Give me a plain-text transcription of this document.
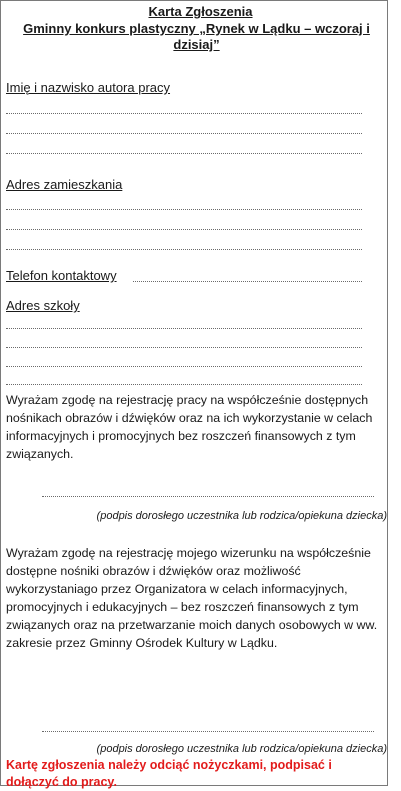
Karta Zgłoszenia
Gminny konkurs plastyczny „Rynek w Lądku – wczoraj i dzisiaj”
Imię i nazwisko autora pracy
Adres zamieszkania
Telefon kontaktowy
Adres szkoły
Wyrażam zgodę na rejestrację pracy na współcześnie dostępnych nośnikach obrazów i dźwięków oraz na ich wykorzystanie w celach informacyjnych i promocyjnych bez roszczeń finansowych z tym związanych.
(podpis dorosłego uczestnika lub rodzica/opiekuna dziecka)
Wyrażam zgodę na rejestrację mojego wizerunku na współcześnie dostępne nośniki obrazów i dźwięków oraz możliwość wykorzystaniago przez Organizatora w celach informacyjnych, promocyjnych i edukacyjnych – bez roszczeń finansowych z tym związanych oraz na przetwarzanie moich danych osobowych w ww. zakresie przez Gminny Ośrodek Kultury w Lądku.
(podpis dorosłego uczestnika lub rodzica/opiekuna dziecka)
Kartę zgłoszenia należy odciąć nożyczkami, podpisać i dołączyć do pracy.
